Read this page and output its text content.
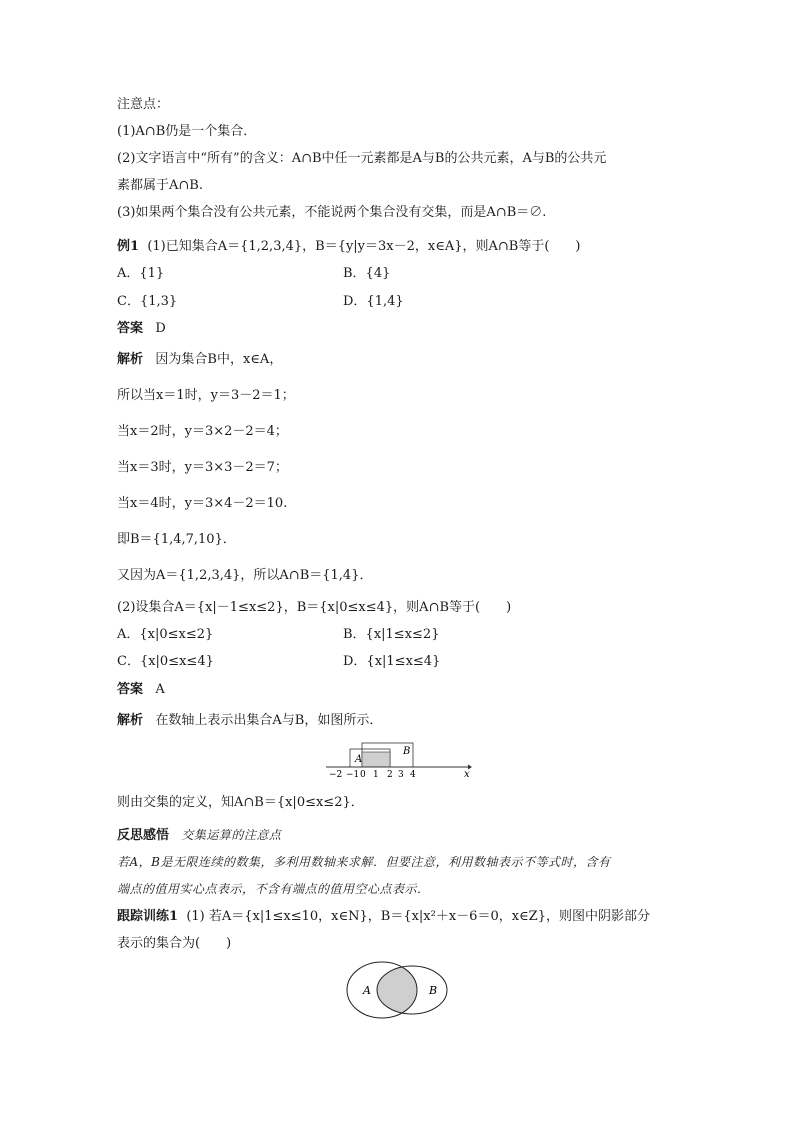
注意点：
(1)A∩B仍是一个集合．
(2)文字语言中“所有”的含义：A∩B中任一元素都是A与B的公共元素，A与B的公共元
素都属于A∩B.
(3)如果两个集合没有公共元素，不能说两个集合没有交集，而是A∩B＝∅.
例1 (1)已知集合A＝{1,2,3,4}，B＝{y|y＝3x－2，x∈A}，则A∩B等于(　　)
A．{1}	B．{4}
C．{1,3}	D．{1,4}
答案 D
解析 因为集合B中，x∈A，
所以当x＝1时，y＝3－2＝1；
当x＝2时，y＝3×2－2＝4；
当x＝3时，y＝3×3－2＝7；
当x＝4时，y＝3×4－2＝10.
即B＝{1,4,7,10}．
又因为A＝{1,2,3,4}，所以A∩B＝{1,4}．
(2)设集合A＝{x|－1≤x≤2}，B＝{x|0≤x≤4}，则A∩B等于(　　)
A．{x|0≤x≤2}	B．{x|1≤x≤2}
C．{x|0≤x≤4}	D．{x|1≤x≤4}
答案 A
解析 在数轴上表示出集合A与B，如图所示．
A
B
−2 −1 0 1 2 3 4	x
则由交集的定义，知A∩B＝{x|0≤x≤2}．
反思感悟 交集运算的注意点
若A，B是无限连续的数集，多利用数轴来求解．但要注意，利用数轴表示不等式时，含有
端点的值用实心点表示，不含有端点的值用空心点表示．
跟踪训练1 (1) 若A＝{x|1≤x≤10，x∈N}，B＝{x|x²＋x－6＝0，x∈Z}，则图中阴影部分
表示的集合为(　　)
A	B
